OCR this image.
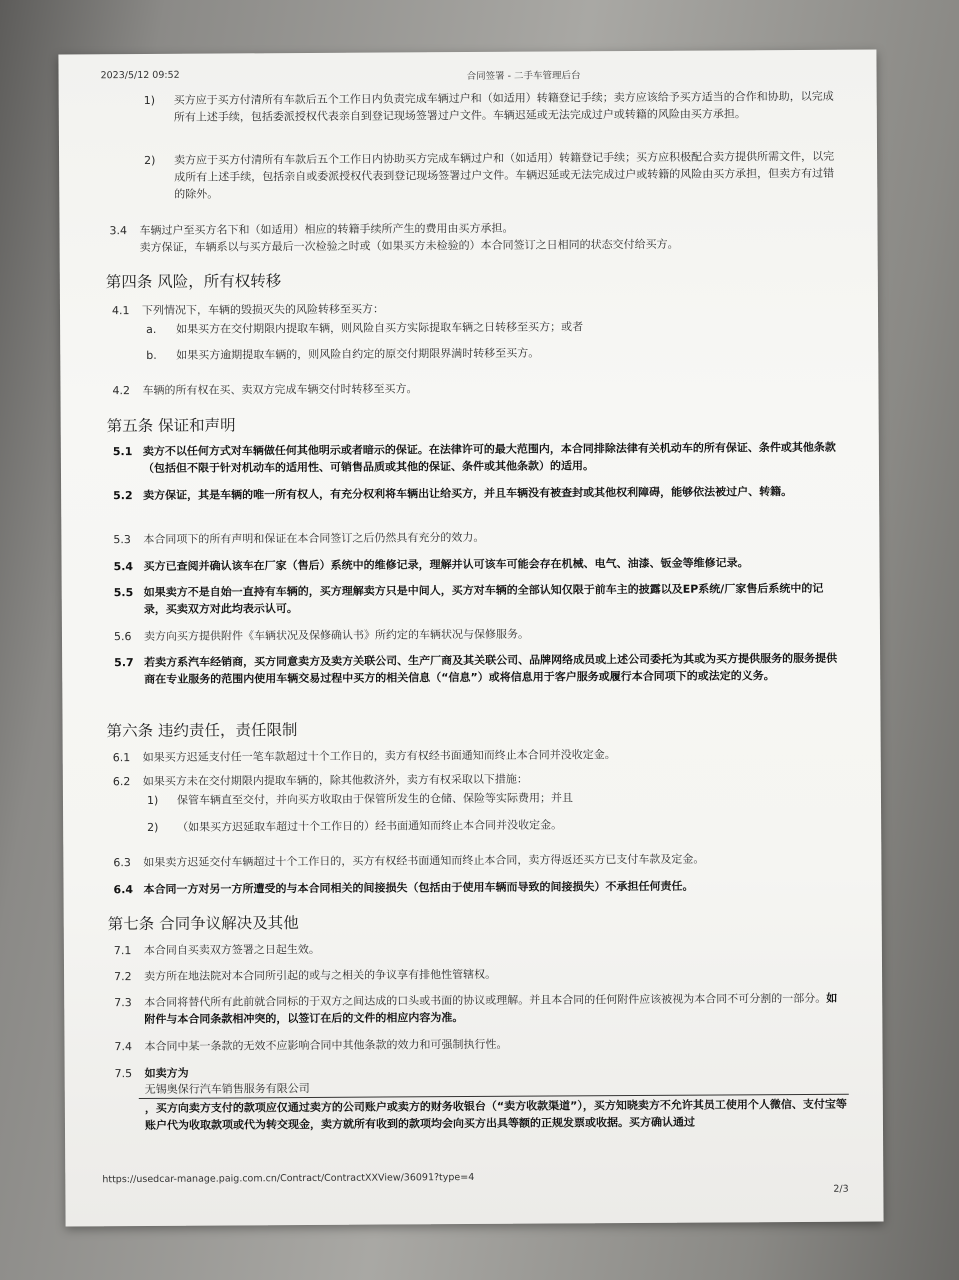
2023/5/12 09:52	合同签署 - 二手车管理后台
1) 买方应于买方付清所有车款后五个工作日内负责完成车辆过户和（如适用）转籍登记手续；卖方应该给予买方适当的合作和协助，以完成所有上述手续，包括委派授权代表亲自到登记现场签署过户文件。车辆迟延或无法完成过户或转籍的风险由买方承担。
2) 卖方应于买方付清所有车款后五个工作日内协助买方完成车辆过户和（如适用）转籍登记手续；买方应积极配合卖方提供所需文件，以完成所有上述手续，包括亲自或委派授权代表到登记现场签署过户文件。车辆迟延或无法完成过户或转籍的风险由买方承担，但卖方有过错的除外。
3.4 车辆过户至买方名下和（如适用）相应的转籍手续所产生的费用由买方承担。
卖方保证，车辆系以与买方最后一次检验之时或（如果买方未检验的）本合同签订之日相同的状态交付给买方。
第四条 风险，所有权转移
4.1 下列情况下，车辆的毁损灭失的风险转移至买方：
a. 如果买方在交付期限内提取车辆，则风险自买方实际提取车辆之日转移至买方；或者
b. 如果买方逾期提取车辆的，则风险自约定的原交付期限界满时转移至买方。
4.2 车辆的所有权在买、卖双方完成车辆交付时转移至买方。
第五条 保证和声明
5.1 卖方不以任何方式对车辆做任何其他明示或者暗示的保证。在法律许可的最大范围内，本合同排除法律有关机动车的所有保证、条件或其他条款（包括但不限于针对机动车的适用性、可销售品质或其他的保证、条件或其他条款）的适用。
5.2 卖方保证，其是车辆的唯一所有权人，有充分权利将车辆出让给买方，并且车辆没有被查封或其他权利障碍，能够依法被过户、转籍。
5.3 本合同项下的所有声明和保证在本合同签订之后仍然具有充分的效力。
5.4 买方已查阅并确认该车在厂家（售后）系统中的维修记录，理解并认可该车可能会存在机械、电气、油漆、钣金等维修记录。
5.5 如果卖方不是自始一直持有车辆的，买方理解卖方只是中间人，买方对车辆的全部认知仅限于前车主的披露以及EP系统/厂家售后系统中的记录，买卖双方对此均表示认可。
5.6 卖方向买方提供附件《车辆状况及保修确认书》所约定的车辆状况与保修服务。
5.7 若卖方系汽车经销商，买方同意卖方及卖方关联公司、生产厂商及其关联公司、品牌网络成员或上述公司委托为其或为买方提供服务的服务提供商在专业服务的范围内使用车辆交易过程中买方的相关信息（“信息”）或将信息用于客户服务或履行本合同项下的或法定的义务。
第六条 违约责任，责任限制
6.1 如果买方迟延支付任一笔车款超过十个工作日的，卖方有权经书面通知而终止本合同并没收定金。
6.2 如果买方未在交付期限内提取车辆的，除其他救济外，卖方有权采取以下措施：
1) 保管车辆直至交付，并向买方收取由于保管所发生的仓储、保险等实际费用；并且
2) （如果买方迟延取车超过十个工作日的）经书面通知而终止本合同并没收定金。
6.3 如果卖方迟延交付车辆超过十个工作日的，买方有权经书面通知而终止本合同，卖方得返还买方已支付车款及定金。
6.4 本合同一方对另一方所遭受的与本合同相关的间接损失（包括由于使用车辆而导致的间接损失）不承担任何责任。
第七条 合同争议解决及其他
7.1 本合同自买卖双方签署之日起生效。
7.2 卖方所在地法院对本合同所引起的或与之相关的争议享有排他性管辖权。
7.3 本合同将替代所有此前就合同标的于双方之间达成的口头或书面的协议或理解。并且本合同的任何附件应该被视为本合同不可分割的一部分。如附件与本合同条款相冲突的，以签订在后的文件的相应内容为准。
7.4 本合同中某一条款的无效不应影响合同中其他条款的效力和可强制执行性。
7.5 如卖方为
无锡奥保行汽车销售服务有限公司
，买方向卖方支付的款项应仅通过卖方的公司账户或卖方的财务收银台（“卖方收款渠道”），买方知晓卖方不允许其员工使用个人微信、支付宝等账户代为收取款项或代为转交现金，卖方就所有收到的款项均会向买方出具等额的正规发票或收据。买方确认通过
https://usedcar-manage.paig.com.cn/Contract/ContractXXView/36091?type=4
2/3
